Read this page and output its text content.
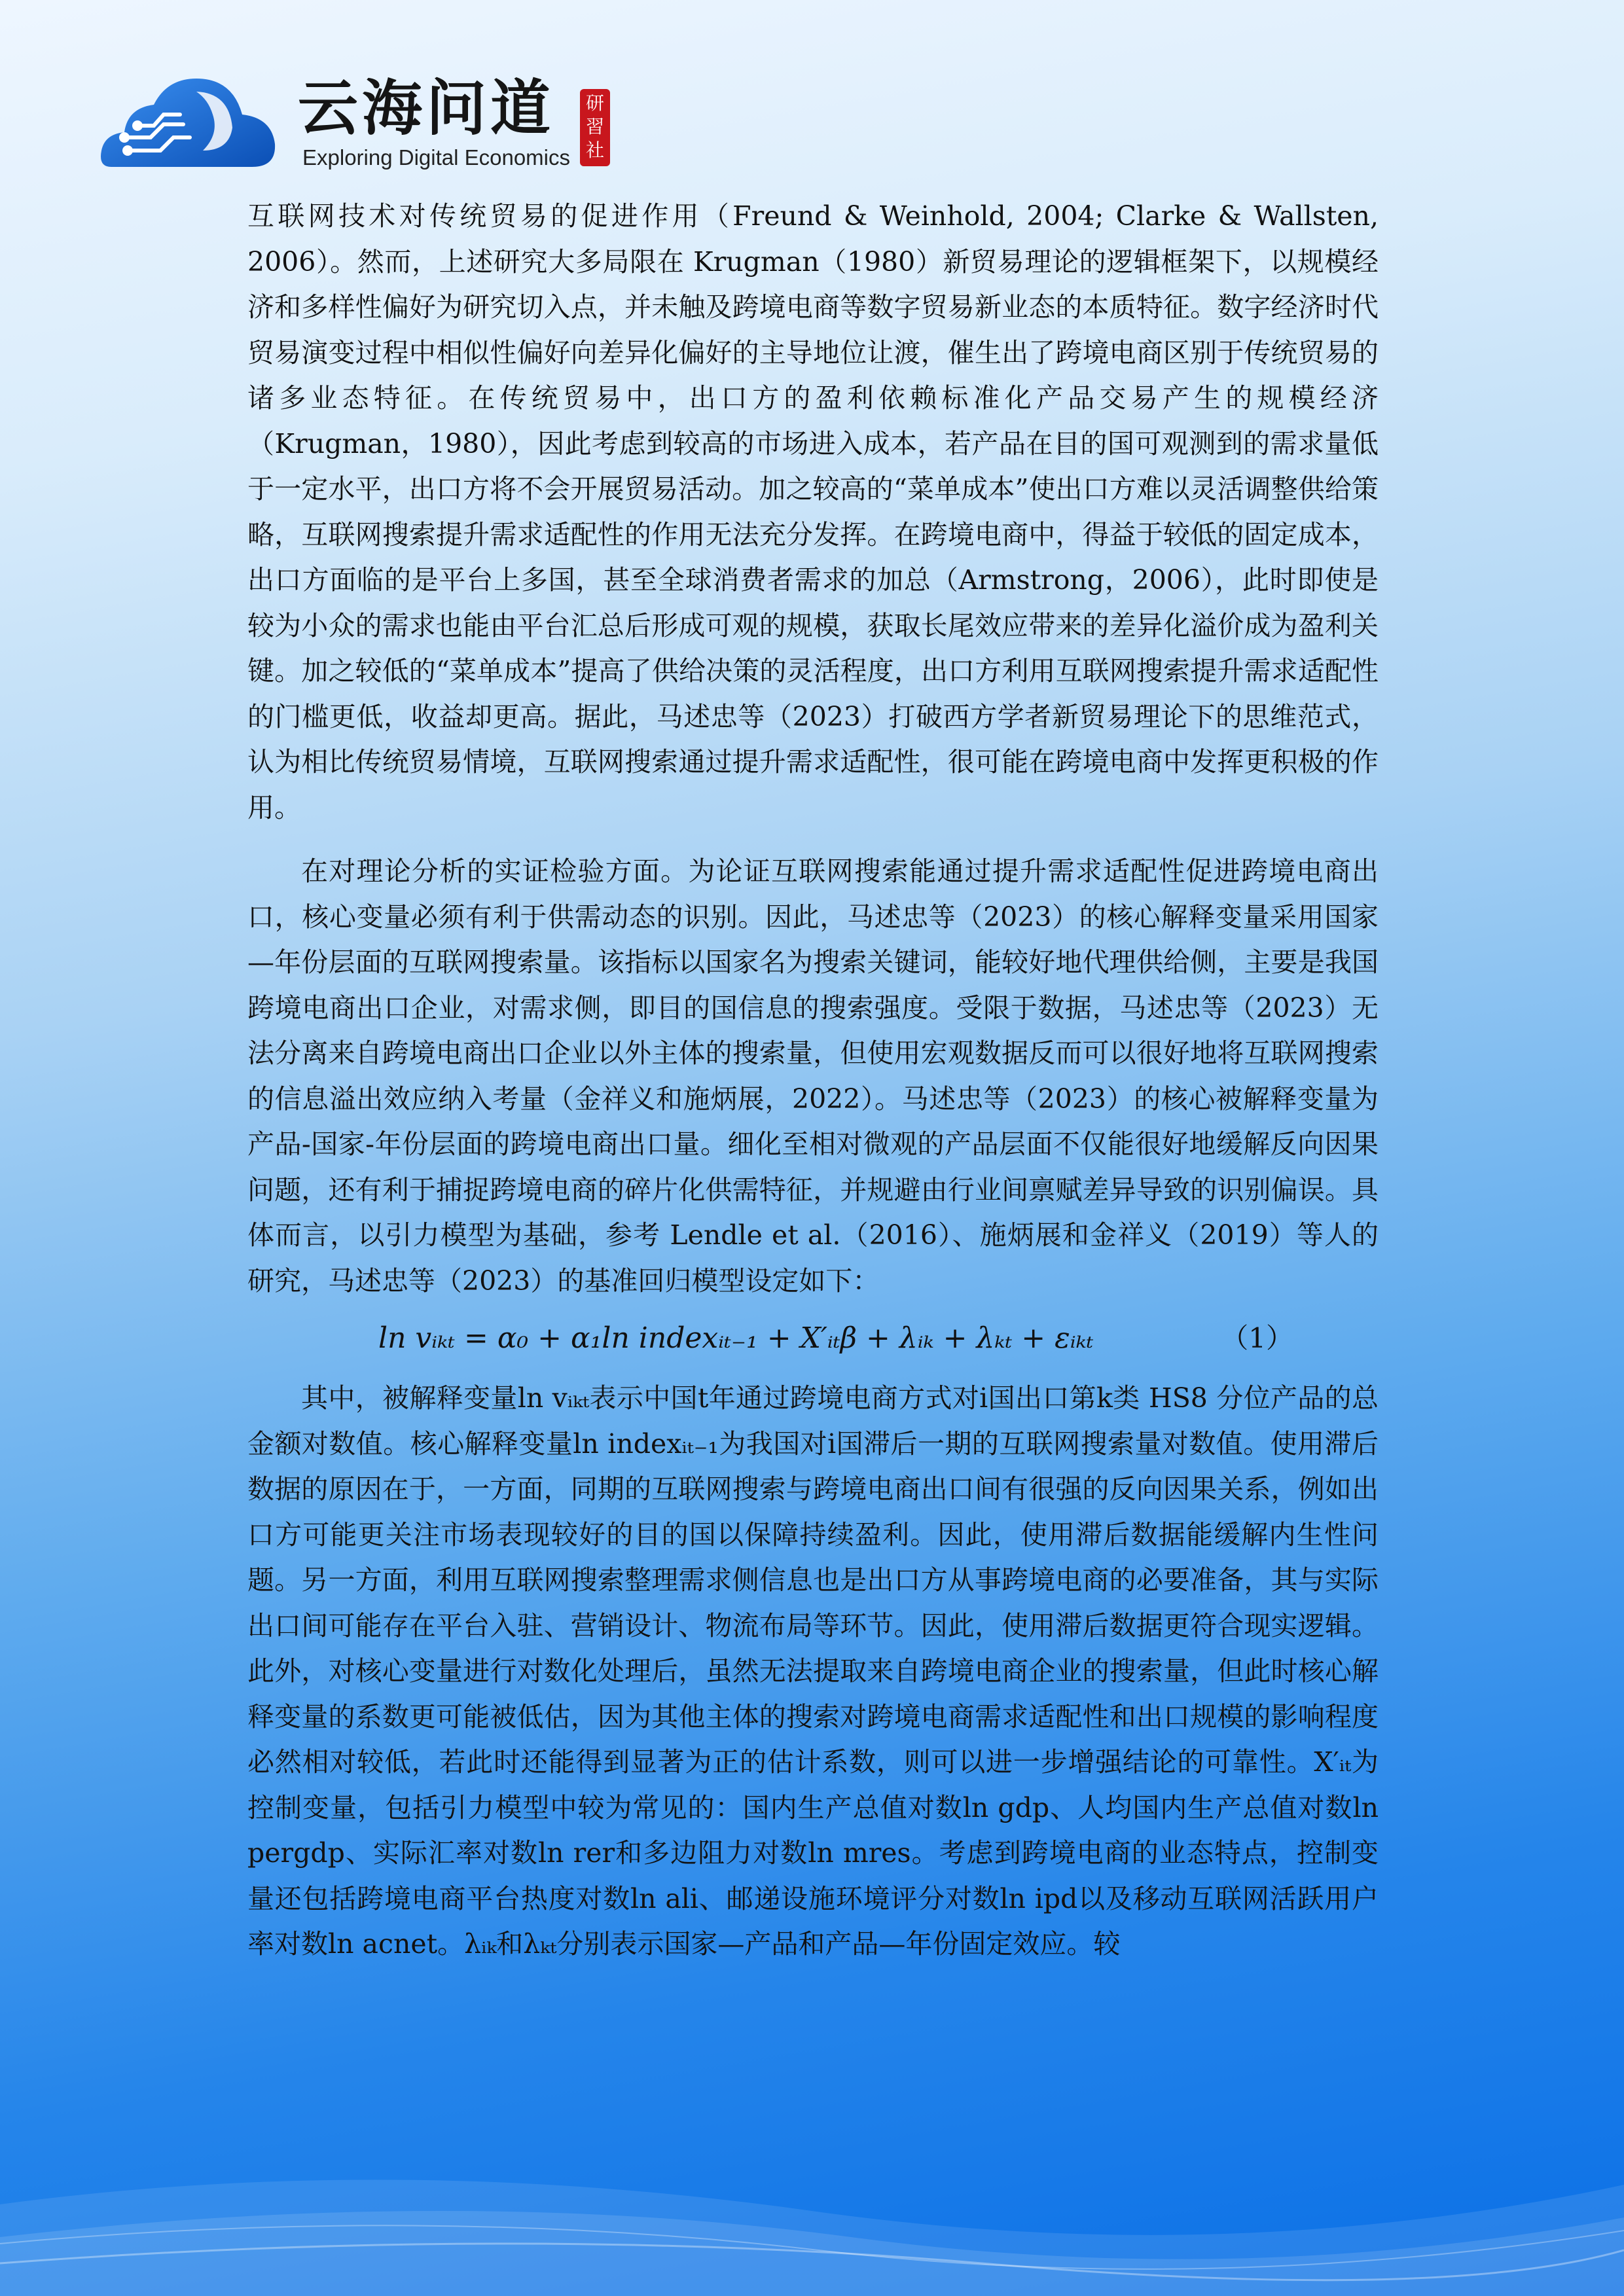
云海问道
Exploring Digital Economics
研習社

互联网技术对传统贸易的促进作用（Freund & Weinhold, 2004; Clarke & Wallsten, 2006）。然而，上述研究大多局限在 Krugman（1980）新贸易理论的逻辑框架下，以规模经济和多样性偏好为研究切入点，并未触及跨境电商等数字贸易新业态的本质特征。数字经济时代贸易演变过程中相似性偏好向差异化偏好的主导地位让渡，催生出了跨境电商区别于传统贸易的诸多业态特征。在传统贸易中，出口方的盈利依赖标准化产品交易产生的规模经济（Krugman，1980），因此考虑到较高的市场进入成本，若产品在目的国可观测到的需求量低于一定水平，出口方将不会开展贸易活动。加之较高的“菜单成本”使出口方难以灵活调整供给策略，互联网搜索提升需求适配性的作用无法充分发挥。在跨境电商中，得益于较低的固定成本，出口方面临的是平台上多国，甚至全球消费者需求的加总（Armstrong，2006），此时即使是较为小众的需求也能由平台汇总后形成可观的规模，获取长尾效应带来的差异化溢价成为盈利关键。加之较低的“菜单成本”提高了供给决策的灵活程度，出口方利用互联网搜索提升需求适配性的门槛更低，收益却更高。据此，马述忠等（2023）打破西方学者新贸易理论下的思维范式，认为相比传统贸易情境，互联网搜索通过提升需求适配性，很可能在跨境电商中发挥更积极的作用。

在对理论分析的实证检验方面。为论证互联网搜索能通过提升需求适配性促进跨境电商出口，核心变量必须有利于供需动态的识别。因此，马述忠等（2023）的核心解释变量采用国家—年份层面的互联网搜索量。该指标以国家名为搜索关键词，能较好地代理供给侧，主要是我国跨境电商出口企业，对需求侧，即目的国信息的搜索强度。受限于数据，马述忠等（2023）无法分离来自跨境电商出口企业以外主体的搜索量，但使用宏观数据反而可以很好地将互联网搜索的信息溢出效应纳入考量（金祥义和施炳展，2022）。马述忠等（2023）的核心被解释变量为产品-国家-年份层面的跨境电商出口量。细化至相对微观的产品层面不仅能很好地缓解反向因果问题，还有利于捕捉跨境电商的碎片化供需特征，并规避由行业间禀赋差异导致的识别偏误。具体而言，以引力模型为基础，参考 Lendle et al.（2016）、施炳展和金祥义（2019）等人的研究，马述忠等（2023）的基准回归模型设定如下：

ln vᵢₖₜ = α₀ + α₁ln indexᵢₜ₋₁ + X′ᵢₜβ + λᵢₖ + λₖₜ + εᵢₖₜ	（1）

其中，被解释变量ln vᵢₖₜ表示中国t年通过跨境电商方式对i国出口第k类 HS8 分位产品的总金额对数值。核心解释变量ln indexᵢₜ₋₁为我国对i国滞后一期的互联网搜索量对数值。使用滞后数据的原因在于，一方面，同期的互联网搜索与跨境电商出口间有很强的反向因果关系，例如出口方可能更关注市场表现较好的目的国以保障持续盈利。因此，使用滞后数据能缓解内生性问题。另一方面，利用互联网搜索整理需求侧信息也是出口方从事跨境电商的必要准备，其与实际出口间可能存在平台入驻、营销设计、物流布局等环节。因此，使用滞后数据更符合现实逻辑。此外，对核心变量进行对数化处理后，虽然无法提取来自跨境电商企业的搜索量，但此时核心解释变量的系数更可能被低估，因为其他主体的搜索对跨境电商需求适配性和出口规模的影响程度必然相对较低，若此时还能得到显著为正的估计系数，则可以进一步增强结论的可靠性。X′ᵢₜ为控制变量，包括引力模型中较为常见的：国内生产总值对数ln gdp、人均国内生产总值对数ln pergdp、实际汇率对数ln rer和多边阻力对数ln mres。考虑到跨境电商的业态特点，控制变量还包括跨境电商平台热度对数ln ali、邮递设施环境评分对数ln ipd以及移动互联网活跃用户率对数ln acnet。λᵢₖ和λₖₜ分别表示国家—产品和产品—年份固定效应。较
